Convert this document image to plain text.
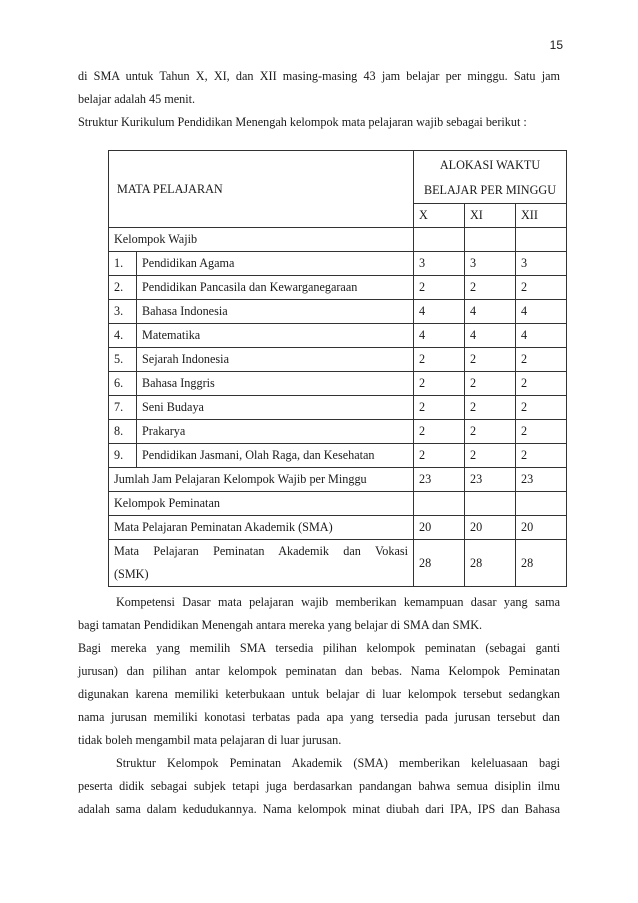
15

di SMA untuk Tahun X, XI, dan XII masing-masing 43 jam belajar per minggu. Satu jam

belajar adalah 45 menit.

Struktur Kurikulum Pendidikan Menengah kelompok mata pelajaran wajib sebagai berikut :

MATA PELAJARAN		ALOKASI WAKTU
BELAJAR PER MINGGU		

		X	XI	XII
Kelompok Wajib				
1.	Pendidikan Agama	3	3	3
2.	Pendidikan Pancasila dan Kewarganegaraan	2	2	2
3.	Bahasa Indonesia	4	4	4
4.	Matematika	4	4	4
5.	Sejarah Indonesia	2	2	2
6.	Bahasa Inggris	2	2	2
7.	Seni Budaya	2	2	2
8.	Prakarya	2	2	2
9.	Pendidikan Jasmani, Olah Raga, dan Kesehatan	2	2	2
Jumlah Jam Pelajaran Kelompok Wajib per Minggu		23	23	23
Kelompok Peminatan				
Mata Pelajaran Peminatan Akademik (SMA)		20	20	20

Mata Pelajaran Peminatan Akademik dan Vokasi
(SMK)		28	28	28

Kompetensi Dasar mata pelajaran wajib memberikan kemampuan dasar yang sama

bagi tamatan Pendidikan Menengah antara mereka yang belajar di SMA dan SMK.

Bagi mereka yang memilih SMA tersedia pilihan kelompok peminatan (sebagai ganti

jurusan) dan pilihan antar kelompok peminatan dan bebas. Nama Kelompok Peminatan

digunakan karena memiliki keterbukaan untuk belajar di luar kelompok tersebut sedangkan

nama jurusan memiliki konotasi terbatas pada apa yang tersedia pada jurusan tersebut dan

tidak boleh mengambil mata pelajaran di luar jurusan.

Struktur Kelompok Peminatan Akademik (SMA) memberikan keleluasaan bagi

peserta didik sebagai subjek tetapi juga berdasarkan pandangan bahwa semua disiplin ilmu

adalah sama dalam kedudukannya. Nama kelompok minat diubah dari IPA, IPS dan Bahasa
